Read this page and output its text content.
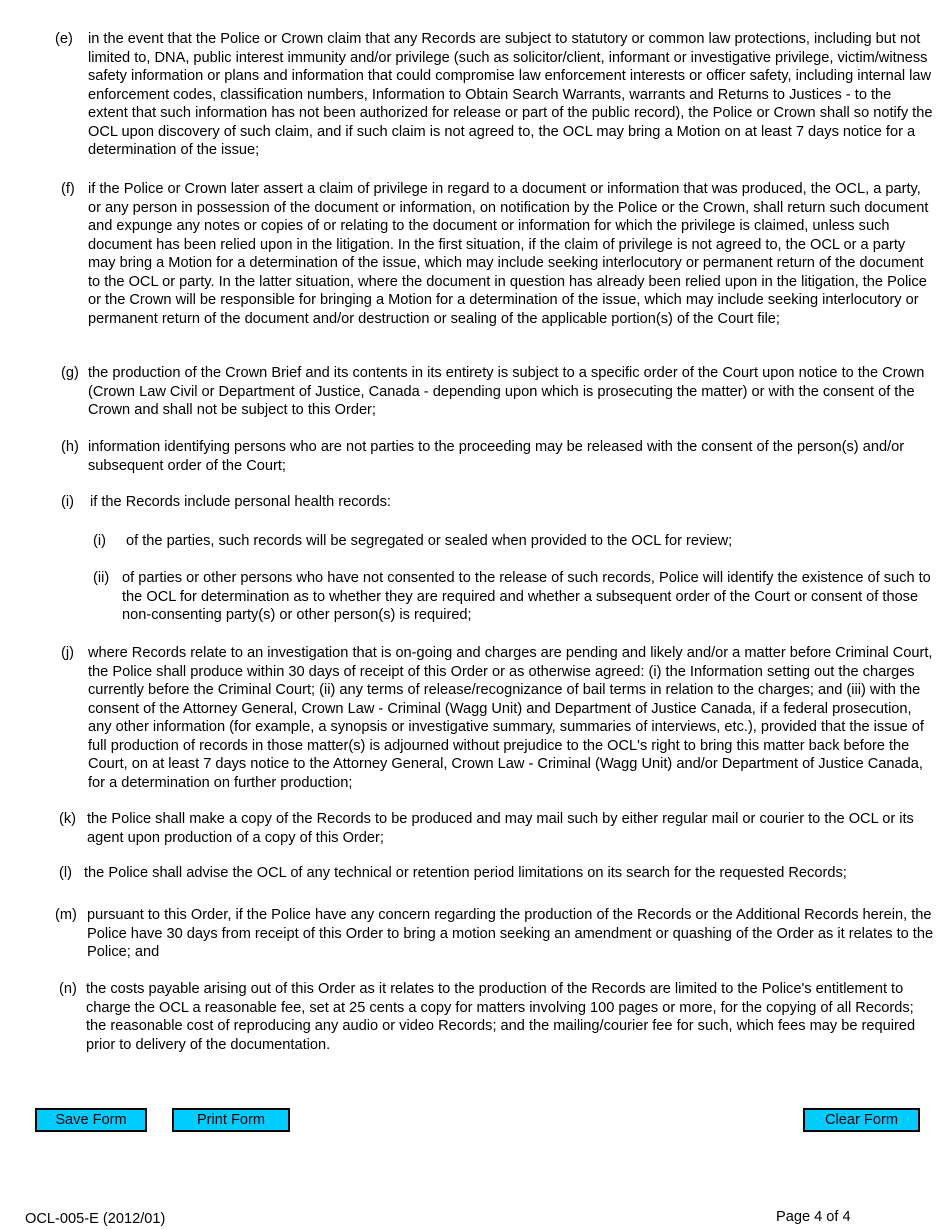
(e)	in the event that the Police or Crown claim that any Records are subject to statutory or common law protections, including but not limited to, DNA, public interest immunity and/or privilege (such as solicitor/client, informant or investigative privilege, victim/witness safety information or plans and information that could compromise law enforcement interests or officer safety, including internal law enforcement codes, classification numbers, Information to Obtain Search Warrants, warrants and Returns to Justices - to the extent that such information has not been authorized for release or part of the public record), the Police or Crown shall so notify the OCL upon discovery of such claim, and if such claim is not agreed to, the OCL may bring a Motion on at least 7 days notice for a determination of the issue;
(f) if the Police or Crown later assert a claim of privilege in regard to a document or information that was produced, the OCL, a party, or any person in possession of the document or information, on notification by the Police or the Crown, shall return such document and expunge any notes or copies of or relating to the document or information for which the privilege is claimed, unless such document has been relied upon in the litigation. In the first situation, if the claim of privilege is not agreed to, the OCL or a party may bring a Motion for a determination of the issue, which may include seeking interlocutory or permanent return of the document to the OCL or party. In the latter situation, where the document in question has already been relied upon in the litigation, the Police or the Crown will be responsible for bringing a Motion for a determination of the issue, which may include seeking interlocutory or permanent return of the document and/or destruction or sealing of the applicable portion(s) of the Court file;
(g) the production of the Crown Brief and its contents in its entirety is subject to a specific order of the Court upon notice to the Crown (Crown Law Civil or Department of Justice, Canada - depending upon which is prosecuting the matter) or with the consent of the Crown and shall not be subject to this Order;
(h) information identifying persons who are not parties to the proceeding may be released with the consent of the person(s) and/or subsequent order of the Court;
(i)	if the Records include personal health records:
(i)	of the parties, such records will be segregated or sealed when provided to the OCL for review;
(ii) of parties or other persons who have not consented to the release of such records, Police will identify the existence of such to the OCL for determination as to whether they are required and whether a subsequent order of the Court or consent of those non-consenting party(s) or other person(s) is required;
(j) where Records relate to an investigation that is on-going and charges are pending and likely and/or a matter before Criminal Court, the Police shall produce within 30 days of receipt of this Order or as otherwise agreed: (i) the Information setting out the charges currently before the Criminal Court; (ii) any terms of release/recognizance of bail terms in relation to the charges; and (iii) with the consent of the Attorney General, Crown Law - Criminal (Wagg Unit) and Department of Justice Canada, if a federal prosecution, any other information (for example, a synopsis or investigative summary, summaries of interviews, etc.), provided that the issue of full production of records in those matter(s) is adjourned without prejudice to the OCL's right to bring this matter back before the Court, on at least 7 days notice to the Attorney General, Crown Law - Criminal (Wagg Unit) and/or Department of Justice Canada, for a determination on further production;
(k) the Police shall make a copy of the Records to be produced and may mail such by either regular mail or courier to the OCL or its agent upon production of a copy of this Order;
(l) the Police shall advise the OCL of any technical or retention period limitations on its search for the requested Records;
(m) pursuant to this Order, if the Police have any concern regarding the production of the Records or the Additional Records herein, the Police have 30 days from receipt of this Order to bring a motion seeking an amendment or quashing of the Order as it relates to the Police; and
(n) the costs payable arising out of this Order as it relates to the production of the Records are limited to the Police's entitlement to charge the OCL a reasonable fee, set at 25 cents a copy for matters involving 100 pages or more, for the copying of all Records; the reasonable cost of reproducing any audio or video Records; and the mailing/courier fee for such, which fees may be required prior to delivery of the documentation.
Save Form	Print Form	Clear Form
OCL-005-E (2012/01)	Page 4 of 4
